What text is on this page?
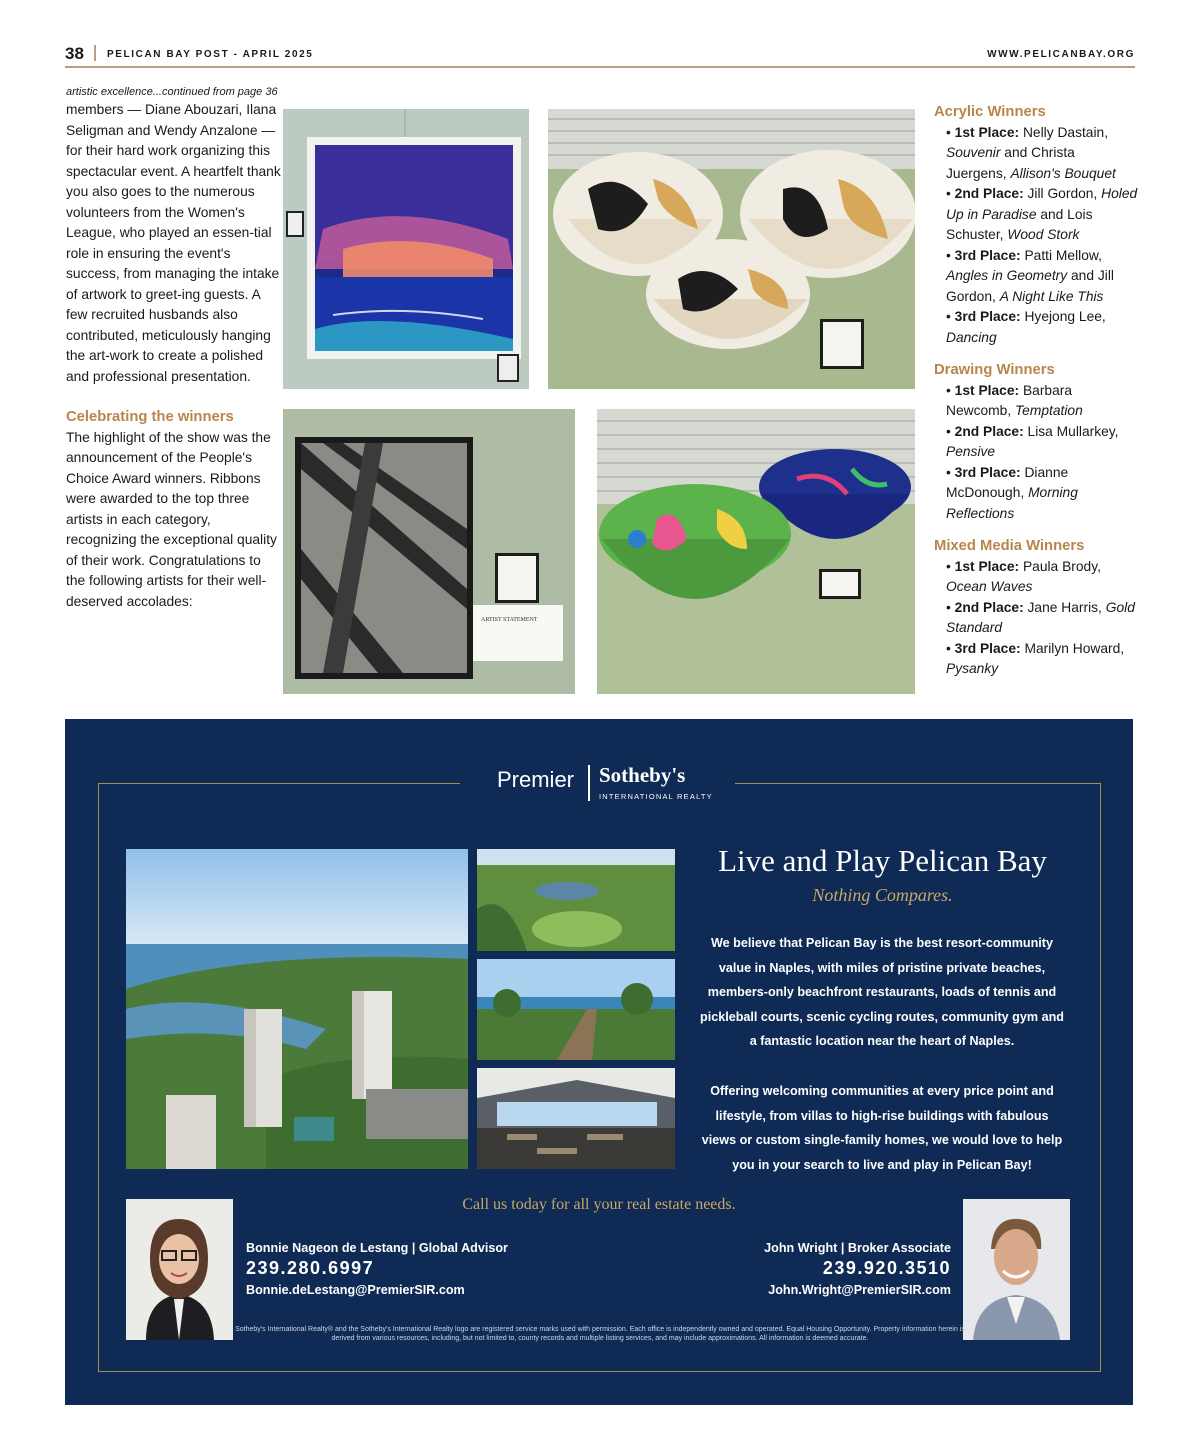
38 PELICAN BAY POST - APRIL 2025	WWW.PELICANBAY.ORG

artistic excellence...continued from page 36

members — Diane Abouzari, Ilana Seligman and Wendy Anzalone — for their hard work organizing this spectacular event. A heartfelt thank you also goes to the numerous volunteers from the Women's League, who played an essen-tial role in ensuring the event's success, from managing the intake of artwork to greet-ing guests. A few recruited husbands also contributed, meticulously hanging the art-work to create a polished and professional presentation.

Celebrating the winners

The highlight of the show was the announcement of the People's Choice Award winners. Ribbons were awarded to the top three artists in each category, recognizing the exceptional quality of their work. Congratulations to the following artists for their well-deserved accolades:

ARTIST STATEMENT

Acrylic Winners

• 1st Place: Nelly Dastain, Souvenir and Christa Juergens, Allison's Bouquet

• 2nd Place: Jill Gordon, Holed Up in Paradise and Lois Schuster, Wood Stork

• 3rd Place: Patti Mellow, Angles in Geometry and Jill Gordon, A Night Like This

• 3rd Place: Hyejong Lee, Dancing

Drawing Winners

• 1st Place: Barbara Newcomb, Temptation

• 2nd Place: Lisa Mullarkey, Pensive

• 3rd Place: Dianne McDonough, Morning Reflections

Mixed Media Winners

• 1st Place: Paula Brody, Ocean Waves

• 2nd Place: Jane Harris, Gold Standard

• 3rd Place: Marilyn Howard, Pysanky

Premier Sotheby's
INTERNATIONAL REALTY
Live and Play Pelican Bay
Nothing Compares.

We believe that Pelican Bay is the best resort-community value in Naples, with miles of pristine private beaches, members-only beachfront restaurants, loads of tennis and pickleball courts, scenic cycling routes, community gym and a fantastic location near the heart of Naples.

Offering welcoming communities at every price point and lifestyle, from villas to high-rise buildings with fabulous views or custom single-family homes, we would love to help you in your search to live and play in Pelican Bay!

Call us today for all your real estate needs.
Bonnie Nageon de Lestang | Global Advisor
239.280.6997
Bonnie.deLestang@PremierSIR.com
John Wright | Broker Associate
239.920.3510
John.Wright@PremierSIR.com

Sotheby's International Realty® and the Sotheby's International Realty logo are registered service marks used with permission. Each office is independently owned and operated. Equal Housing Opportunity. Property information herein is derived from various resources, including, but not limited to, county records and multiple listing services, and may include approximations. All information is deemed accurate.
